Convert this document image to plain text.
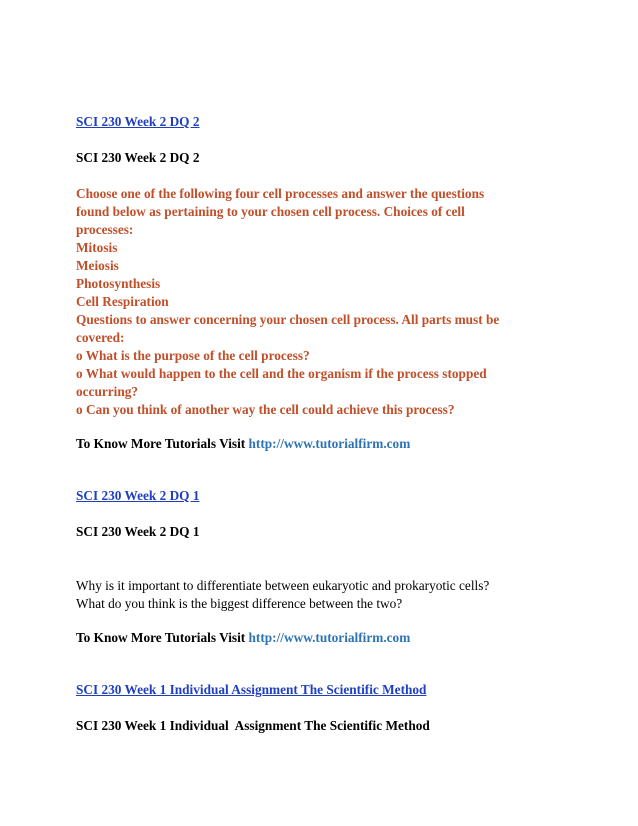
SCI 230 Week 2 DQ 2
SCI 230 Week 2 DQ 2
Choose one of the following four cell processes and answer the questions
found below as pertaining to your chosen cell process. Choices of cell
processes:
Mitosis
Meiosis
Photosynthesis
Cell Respiration
Questions to answer concerning your chosen cell process. All parts must be
covered:
o What is the purpose of the cell process?
o What would happen to the cell and the organism if the process stopped
occurring?
o Can you think of another way the cell could achieve this process?
To Know More Tutorials Visit http://www.tutorialfirm.com
SCI 230 Week 2 DQ 1
SCI 230 Week 2 DQ 1
Why is it important to differentiate between eukaryotic and prokaryotic cells?
What do you think is the biggest difference between the two?
To Know More Tutorials Visit http://www.tutorialfirm.com
SCI 230 Week 1 Individual Assignment The Scientific Method
SCI 230 Week 1 Individual  Assignment The Scientific Method
